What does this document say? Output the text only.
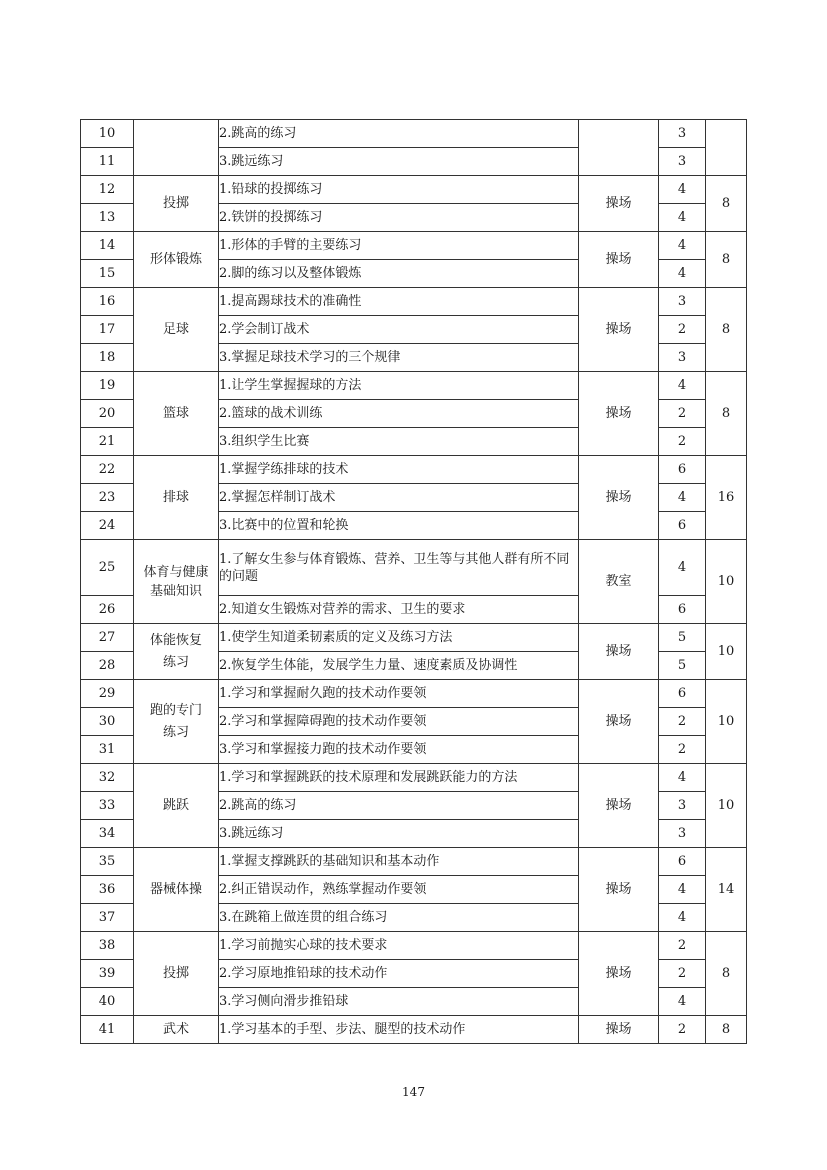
10		2.跳高的练习		3	
11		3.跳远练习		3	
12	投掷	1.铅球的投掷练习	操场	4	8
13		2.铁饼的投掷练习		4	
14	形体锻炼	1.形体的手臂的主要练习	操场	4	8
15		2.脚的练习以及整体锻炼		4	
16	足球	1.提高踢球技术的准确性	操场	3	8
17		2.学会制订战术		2	
18		3.掌握足球技术学习的三个规律		3	
19	篮球	1.让学生掌握握球的方法	操场	4	8
20		2.篮球的战术训练		2	
21		3.组织学生比赛		2	
22	排球	1.掌握学练排球的技术	操场	6	16
23		2.掌握怎样制订战术		4	
24		3.比赛中的位置和轮换		6	
25	体育与健康基础知识	1.了解女生参与体育锻炼、营养、卫生等与其他人群有所不同的问题	教室	4	10
26		2.知道女生锻炼对营养的需求、卫生的要求		6	
27	体能恢复练习	1.使学生知道柔韧素质的定义及练习方法	操场	5	10
28		2.恢复学生体能，发展学生力量、速度素质及协调性		5	
29	跑的专门练习	1.学习和掌握耐久跑的技术动作要领	操场	6	10
30		2.学习和掌握障碍跑的技术动作要领		2	
31		3.学习和掌握接力跑的技术动作要领		2	
32	跳跃	1.学习和掌握跳跃的技术原理和发展跳跃能力的方法	操场	4	10
33		2.跳高的练习		3	
34		3.跳远练习		3	
35	器械体操	1.掌握支撑跳跃的基础知识和基本动作	操场	6	14
36		2.纠正错误动作，熟练掌握动作要领		4	
37		3.在跳箱上做连贯的组合练习		4	
38	投掷	1.学习前抛实心球的技术要求	操场	2	8
39		2.学习原地推铅球的技术动作		2	
40		3.学习侧向滑步推铅球		4	
41	武术	1.学习基本的手型、步法、腿型的技术动作	操场	2	8
147
